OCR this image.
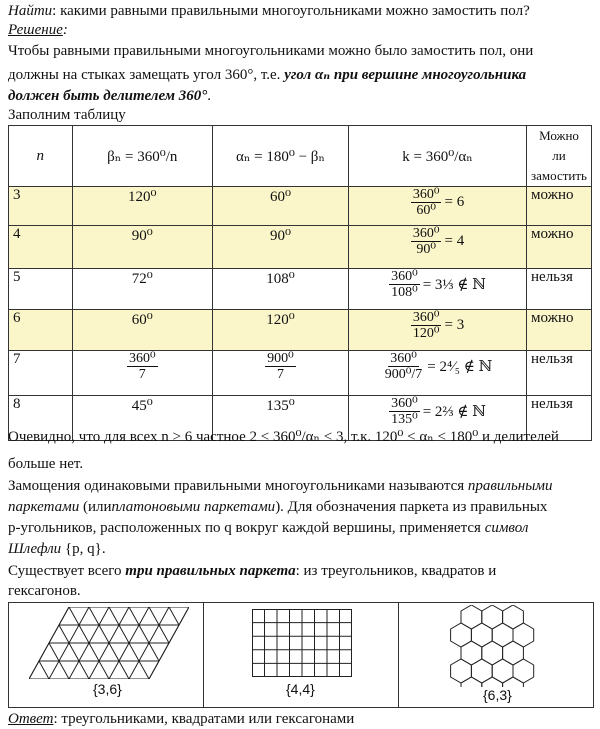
Найти: какими равными правильными многоугольниками можно замостить пол?

Решение:

Чтобы равными правильными многоугольниками можно было замостить пол, они

должны на стыках замещать угол 360°, т.е. угол αₙ при вершине многоугольника

должен быть делителем 360°.

Заполним таблицу

n	βₙ = 360⁰/n	αₙ = 180⁰ − βₙ	k = 360⁰/αₙ	Можно ли замостить
3	120⁰	60⁰	$\frac{\text{360⁰}}{\text{60⁰}} = 6$	можно
4	90⁰	90⁰	$\frac{\text{360⁰}}{\text{90⁰}} = 4$	можно
5	72⁰	108⁰	$\frac{\text{360⁰}}{\text{108⁰}}$ = 3⅓ ∉ ℕ	нельзя
6	60⁰	120⁰	$\frac{\text{360⁰}}{\text{120⁰}} = 3$	можно
7	$\frac{\text{360⁰}}{7}$	$\frac{\text{900⁰}}{7}$	$\frac{\text{360⁰}}{\text{900⁰/7}}$ = 2⁴⁄₅ ∉ ℕ	нельзя
8	45⁰	135⁰	$\frac{\text{360⁰}}{\text{135⁰}}$ = 2⅔ ∉ ℕ	нельзя

Очевидно, что для всех n > 6 частное 2 < 360⁰/αₙ < 3, т.к. 120⁰ < αₙ < 180⁰ и делителей

больше нет.

Замощения одинаковыми правильными многоугольниками называются правильными

паркетами (илиплатоновыми паркетами). Для обозначения паркета из правильных

p-угольников, расположенных по q вокруг каждой вершины, применяется символ

Шлефли {p, q}.

Существует всего три правильных паркета: из треугольников, квадратов и

гексагонов.

{3,6}	{4,4}	{6,3}

Ответ: треугольниками, квадратами или гексагонами
